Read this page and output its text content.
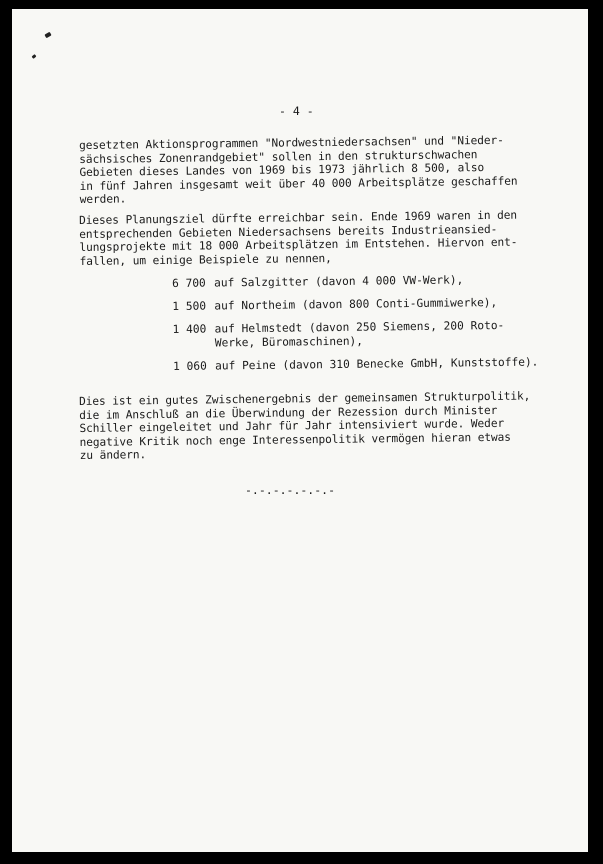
- 4 -
gesetzten Aktionsprogrammen "Nordwestniedersachsen" und "Nieder-
sächsisches Zonenrandgebiet" sollen in den strukturschwachen
Gebieten dieses Landes von 1969 bis 1973 jährlich 8 500, also
in fünf Jahren insgesamt weit über 40 000 Arbeitsplätze geschaffen
werden.
Dieses Planungsziel dürfte erreichbar sein. Ende 1969 waren in den
entsprechenden Gebieten Niedersachsens bereits Industrieansied-
lungsprojekte mit 18 000 Arbeitsplätzen im Entstehen. Hiervon ent-
fallen, um einige Beispiele zu nennen,
6 700 auf Salzgitter (davon 4 000 VW-Werk),
1 500 auf Northeim (davon 800 Conti-Gummiwerke),
1 400 auf Helmstedt (davon 250 Siemens, 200 Roto-
Werke, Büromaschinen),
1 060 auf Peine (davon 310 Benecke GmbH, Kunststoffe).
Dies ist ein gutes Zwischenergebnis der gemeinsamen Strukturpolitik,
die im Anschluß an die Überwindung der Rezession durch Minister
Schiller eingeleitet und Jahr für Jahr intensiviert wurde. Weder
negative Kritik noch enge Interessenpolitik vermögen hieran etwas
zu ändern.
-.-.-.-.-.-.-
